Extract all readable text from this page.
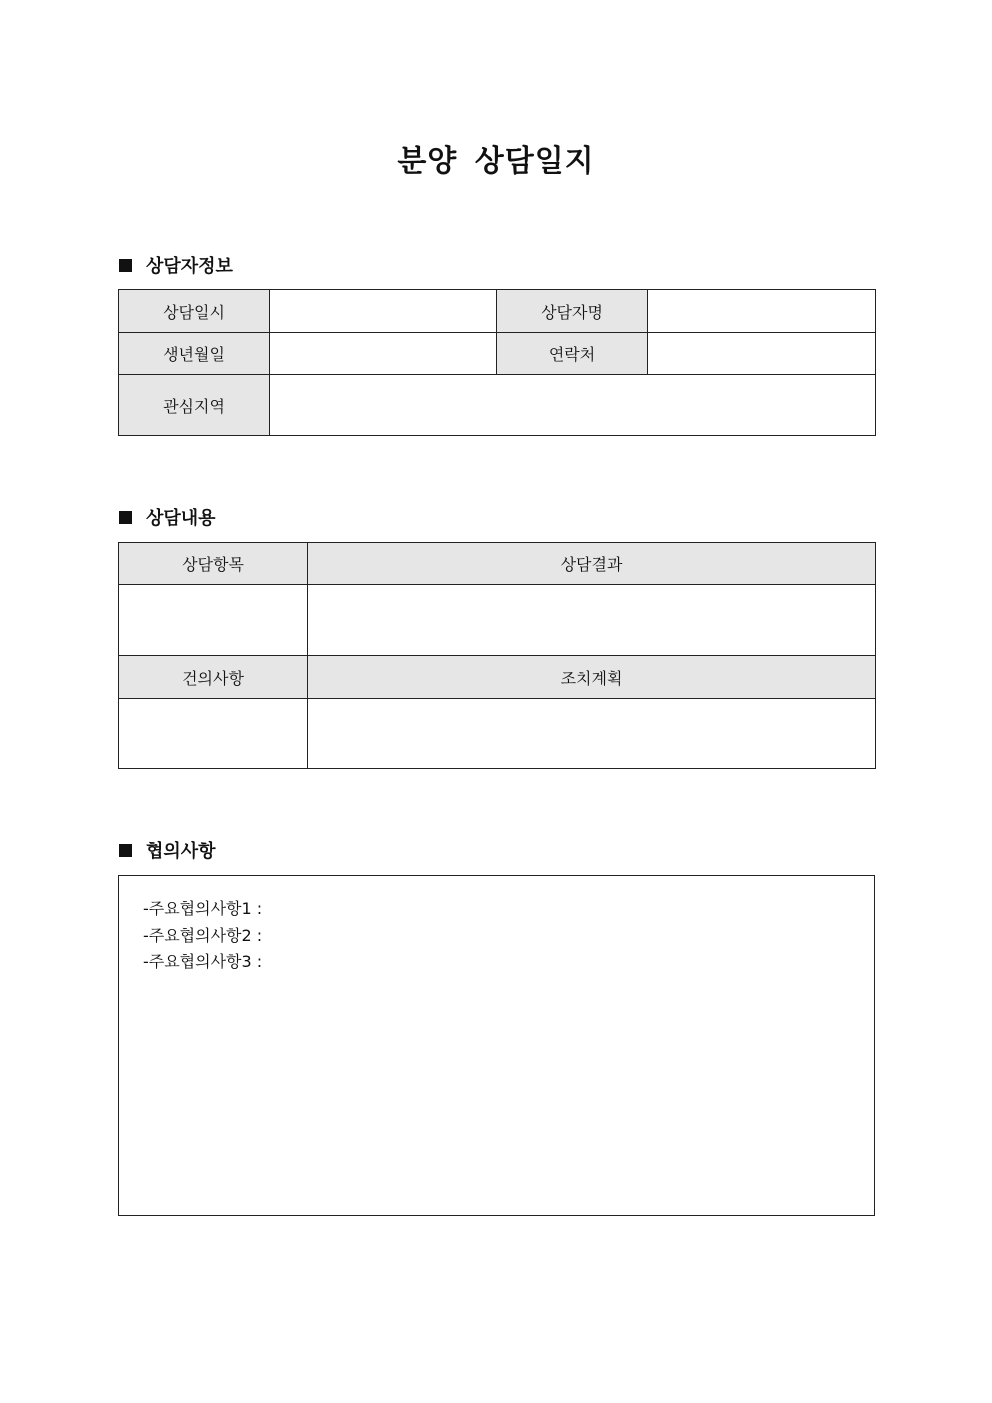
분양 상담일지
상담자정보
상담일시		상담자명	
생년월일		연락처	
관심지역			
상담내용
상담항목	상담결과

건의사항	조치계획

협의사항
-주요협의사항1 :
-주요협의사항2 :
-주요협의사항3 :
